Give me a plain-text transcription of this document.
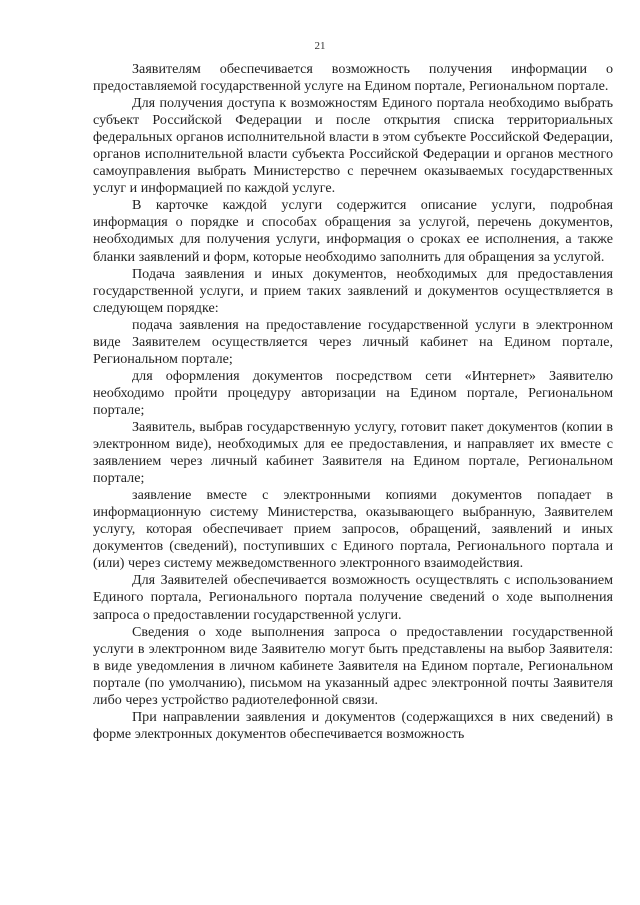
21

Заявителям обеспечивается возможность получения информации о предоставляемой государственной услуге на Едином портале, Региональном портале.

Для получения доступа к возможностям Единого портала необходимо выбрать субъект Российской Федерации и после открытия списка территориальных федеральных органов исполнительной власти в этом субъекте Российской Федерации, органов исполнительной власти субъекта Российской Федерации и органов местного самоуправления выбрать Министерство с перечнем оказываемых государственных услуг и информацией по каждой услуге.

В карточке каждой услуги содержится описание услуги, подробная информация о порядке и способах обращения за услугой, перечень документов, необходимых для получения услуги, информация о сроках ее исполнения, а также бланки заявлений и форм, которые необходимо заполнить для обращения за услугой.

Подача заявления и иных документов, необходимых для предоставления государственной услуги, и прием таких заявлений и документов осуществляется в следующем порядке:

подача заявления на предоставление государственной услуги в электронном виде Заявителем осуществляется через личный кабинет на Едином портале, Региональном портале;

для оформления документов посредством сети «Интернет» Заявителю необходимо пройти процедуру авторизации на Едином портале, Региональном портале;

Заявитель, выбрав государственную услугу, готовит пакет документов (копии в электронном виде), необходимых для ее предоставления, и направляет их вместе с заявлением через личный кабинет Заявителя на Едином портале, Региональном портале;

заявление вместе с электронными копиями документов попадает в информационную систему Министерства, оказывающего выбранную, Заявителем услугу, которая обеспечивает прием запросов, обращений, заявлений и иных документов (сведений), поступивших с Единого портала, Регионального портала и (или) через систему межведомственного электронного взаимодействия.

Для Заявителей обеспечивается возможность осуществлять с использованием Единого портала, Регионального портала получение сведений о ходе выполнения запроса о предоставлении государственной услуги.

Сведения о ходе выполнения запроса о предоставлении государственной услуги в электронном виде Заявителю могут быть представлены на выбор Заявителя: в виде уведомления в личном кабинете Заявителя на Едином портале, Региональном портале (по умолчанию), письмом на указанный адрес электронной почты Заявителя либо через устройство радиотелефонной связи.

При направлении заявления и документов (содержащихся в них сведений) в форме электронных документов обеспечивается возможность
